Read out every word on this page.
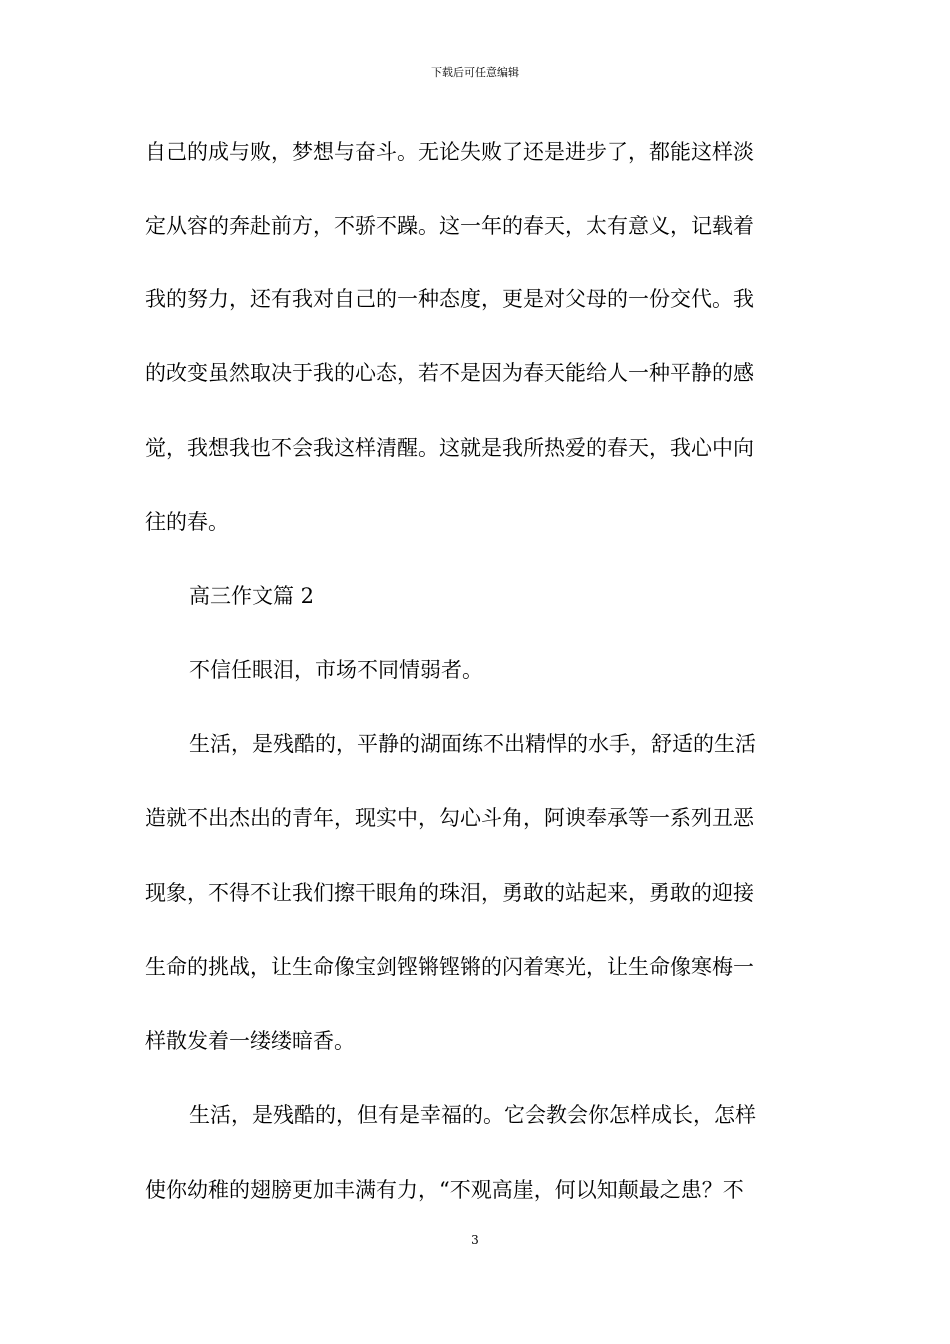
下载后可任意编辑
自己的成与败，梦想与奋斗。无论失败了还是进步了，都能这样淡
定从容的奔赴前方，不骄不躁。这一年的春天，太有意义，记载着
我的努力，还有我对自己的一种态度，更是对父母的一份交代。我
的改变虽然取决于我的心态，若不是因为春天能给人一种平静的感
觉，我想我也不会我这样清醒。这就是我所热爱的春天，我心中向
往的春。
高三作文篇 2
不信任眼泪，市场不同情弱者。
生活，是残酷的，平静的湖面练不出精悍的水手，舒适的生活
造就不出杰出的青年，现实中，勾心斗角，阿谀奉承等一系列丑恶
现象，不得不让我们擦干眼角的珠泪，勇敢的站起来，勇敢的迎接
生命的挑战，让生命像宝剑铿锵铿锵的闪着寒光，让生命像寒梅一
样散发着一缕缕暗香。
生活，是残酷的，但有是幸福的。它会教会你怎样成长，怎样
使你幼稚的翅膀更加丰满有力，“不观高崖，何以知颠最之患？不
3
